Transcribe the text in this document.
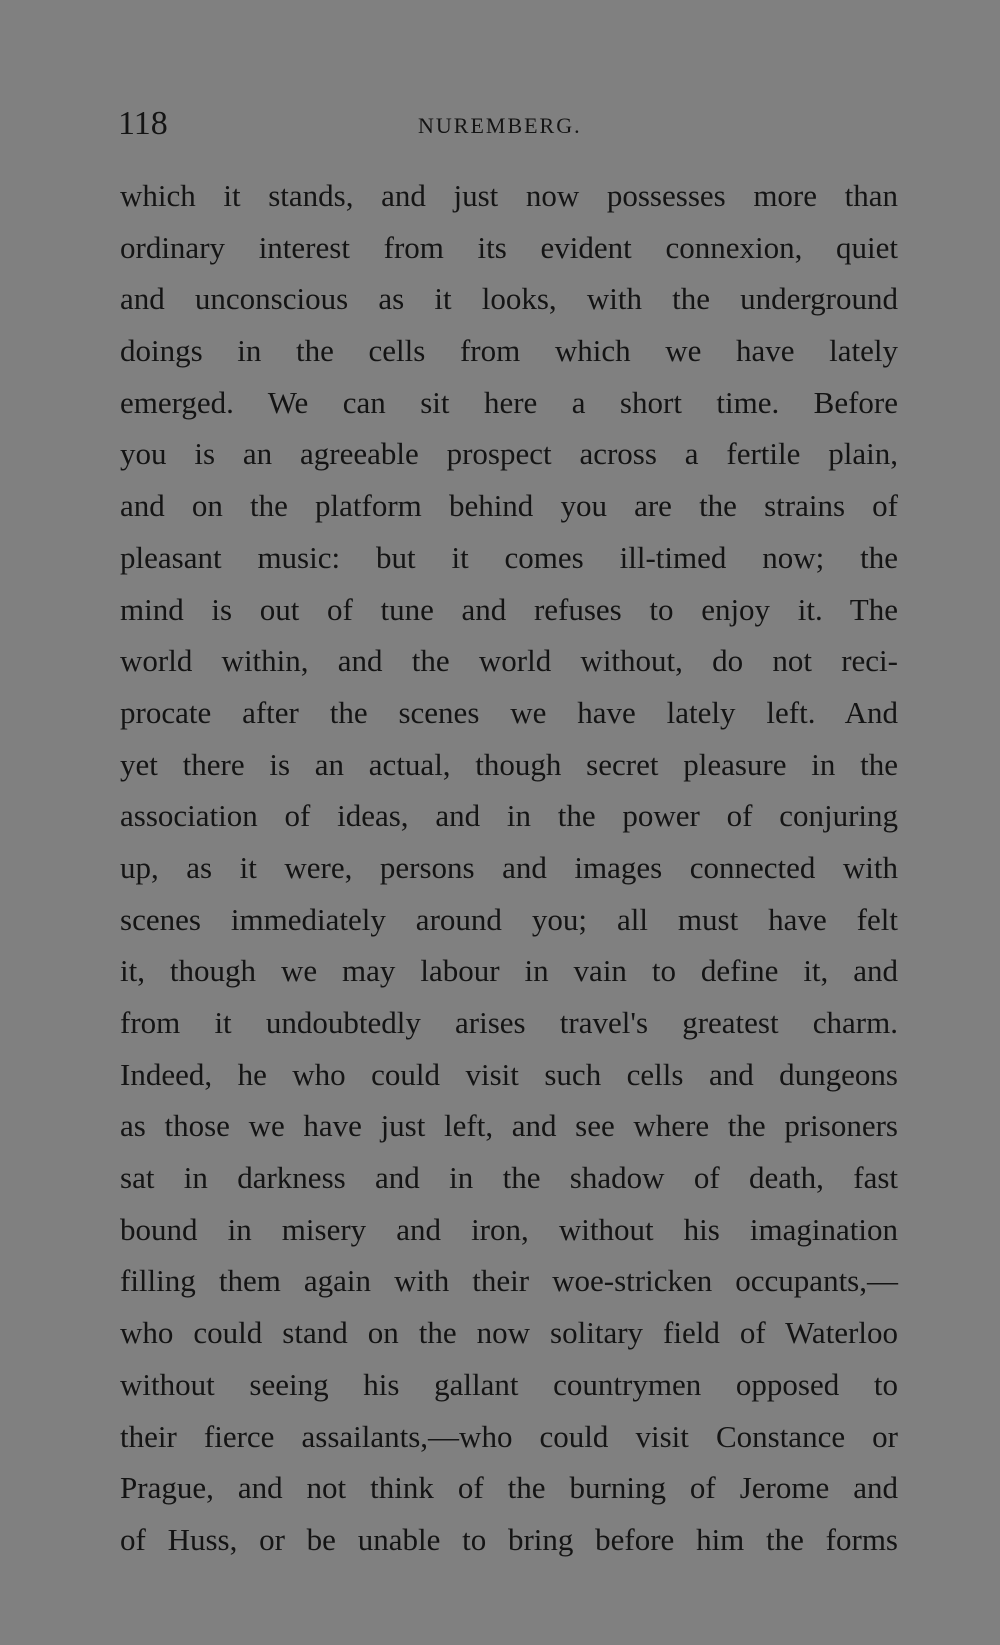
118	NUREMBERG.
which it stands, and just now possesses more than
ordinary interest from its evident connexion, quiet
and unconscious as it looks, with the underground
doings in the cells from which we have lately
emerged. We can sit here a short time. Before
you is an agreeable prospect across a fertile plain,
and on the platform behind you are the strains of
pleasant music: but it comes ill-timed now; the
mind is out of tune and refuses to enjoy it. The
world within, and the world without, do not reci-
procate after the scenes we have lately left. And
yet there is an actual, though secret pleasure in the
association of ideas, and in the power of conjuring
up, as it were, persons and images connected with
scenes immediately around you; all must have felt
it, though we may labour in vain to define it, and
from it undoubtedly arises travel's greatest charm.
Indeed, he who could visit such cells and dungeons
as those we have just left, and see where the prisoners
sat in darkness and in the shadow of death, fast
bound in misery and iron, without his imagination
filling them again with their woe-stricken occupants,—
who could stand on the now solitary field of Waterloo
without seeing his gallant countrymen opposed to
their fierce assailants,—who could visit Constance or
Prague, and not think of the burning of Jerome and
of Huss, or be unable to bring before him the forms
